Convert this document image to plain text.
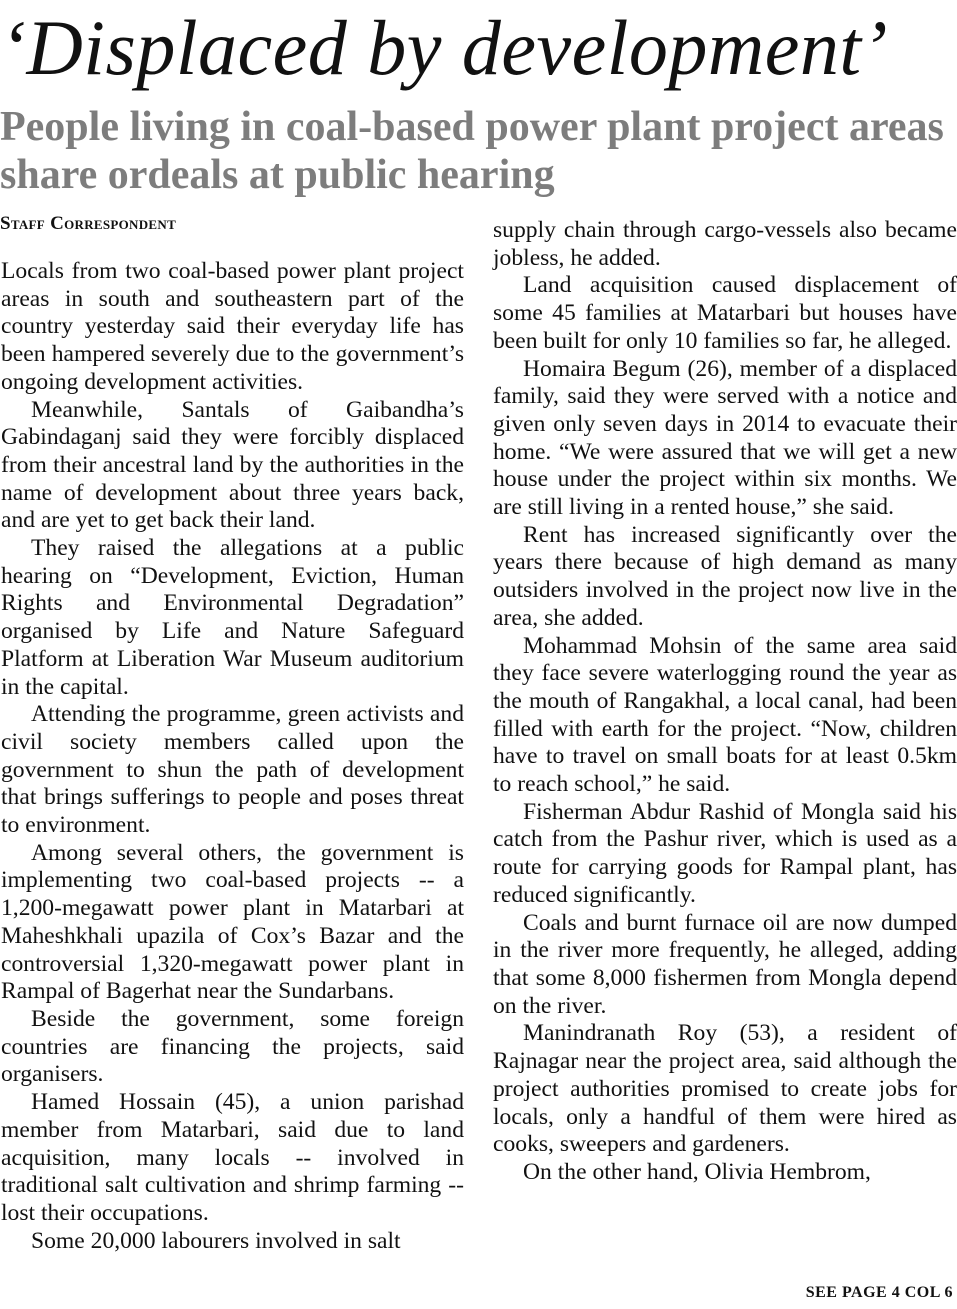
‘Displaced by development’
People living in coal-based power plant project areas share ordeals at public hearing
Staff Correspondent

Locals from two coal-based power plant project areas in south and southeastern part of the country yesterday said their everyday life has been hampered severely due to the government’s ongoing development activities.

Meanwhile, Santals of Gaibandha’s Gabindaganj said they were forcibly displaced from their ancestral land by the authorities in the name of development about three years back, and are yet to get back their land.

They raised the allegations at a public hearing on “Development, Eviction, Human Rights and Environmental Degradation” organised by Life and Nature Safeguard Platform at Liberation War Museum auditorium in the capital.

Attending the programme, green activists and civil society members called upon the government to shun the path of development that brings sufferings to people and poses threat to environment.

Among several others, the government is implementing two coal-based projects -- a 1,200-megawatt power plant in Matarbari at Maheshkhali upazila of Cox’s Bazar and the controversial 1,320-megawatt power plant in Rampal of Bagerhat near the Sundarbans.

Beside the government, some foreign countries are financing the projects, said organisers.

Hamed Hossain (45), a union parishad member from Matarbari, said due to land acquisition, many locals -- involved in traditional salt cultivation and shrimp farming -- lost their occupations.

Some 20,000 labourers involved in salt

supply chain through cargo-vessels also became jobless, he added.

Land acquisition caused displacement of some 45 families at Matarbari but houses have been built for only 10 families so far, he alleged.

Homaira Begum (26), member of a displaced family, said they were served with a notice and given only seven days in 2014 to evacuate their home. “We were assured that we will get a new house under the project within six months. We are still living in a rented house,” she said.

Rent has increased significantly over the years there because of high demand as many outsiders involved in the project now live in the area, she added.

Mohammad Mohsin of the same area said they face severe waterlogging round the year as the mouth of Rangakhal, a local canal, had been filled with earth for the project. “Now, children have to travel on small boats for at least 0.5km to reach school,” he said.

Fisherman Abdur Rashid of Mongla said his catch from the Pashur river, which is used as a route for carrying goods for Rampal plant, has reduced significantly.

Coals and burnt furnace oil are now dumped in the river more frequently, he alleged, adding that some 8,000 fishermen from Mongla depend on the river.

Manindranath Roy (53), a resident of Rajnagar near the project area, said although the project authorities promised to create jobs for locals, only a handful of them were hired as cooks, sweepers and gardeners.

On the other hand, Olivia Hembrom,

SEE PAGE 4 COL 6
